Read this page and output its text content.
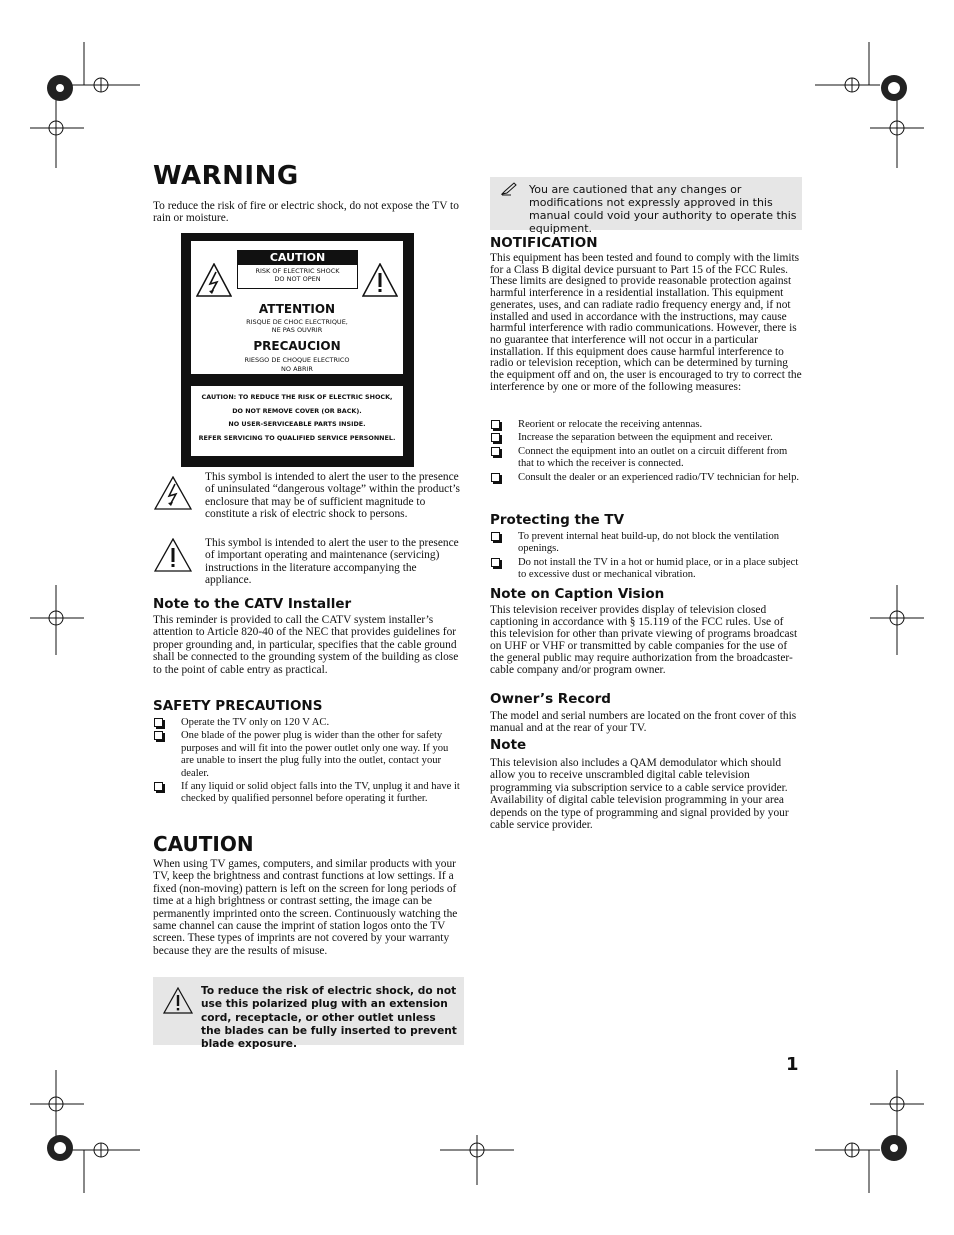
WARNING
To reduce the risk of fire or electric shock, do not expose the TV to rain or moisture.
CAUTION
RISK OF ELECTRIC SHOCK
DO NOT OPEN
ATTENTION
RISQUE DE CHOC ELECTRIQUE,
NE PAS OUVRIR
PRECAUCION
RIESGO DE CHOQUE ELECTRICO
NO ABRIR
CAUTION: TO REDUCE THE RISK OF ELECTRIC SHOCK,
DO NOT REMOVE COVER (OR BACK).
NO USER-SERVICEABLE PARTS INSIDE.
REFER SERVICING TO QUALIFIED SERVICE PERSONNEL.
This symbol is intended to alert the user to the presence of uninsulated “dangerous voltage” within the product’s enclosure that may be of sufficient magnitude to constitute a risk of electric shock to persons.
This symbol is intended to alert the user to the presence of important operating and maintenance (servicing) instructions in the literature accompanying the appliance.
Note to the CATV Installer
This reminder is provided to call the CATV system installer’s attention to Article 820-40 of the NEC that provides guidelines for proper grounding and, in particular, specifies that the cable ground shall be connected to the grounding system of the building as close to the point of cable entry as practical.
SAFETY PRECAUTIONS
Operate the TV only on 120 V AC.
One blade of the power plug is wider than the other for safety purposes and will fit into the power outlet only one way. If you are unable to insert the plug fully into the outlet, contact your dealer.
If any liquid or solid object falls into the TV, unplug it and have it checked by qualified personnel before operating it further.
CAUTION
When using TV games, computers, and similar products with your TV, keep the brightness and contrast functions at low settings. If a fixed (non-moving) pattern is left on the screen for long periods of time at a high brightness or contrast setting, the image can be permanently imprinted onto the screen. Continuously watching the same channel can cause the imprint of station logos onto the TV screen. These types of imprints are not covered by your warranty because they are the results of misuse.
To reduce the risk of electric shock, do not use this polarized plug with an extension cord, receptacle, or other outlet unless the blades can be fully inserted to prevent blade exposure.
You are cautioned that any changes or modifications not expressly approved in this manual could void your authority to operate this equipment.
NOTIFICATION
This equipment has been tested and found to comply with the limits for a Class B digital device pursuant to Part 15 of the FCC Rules. These limits are designed to provide reasonable protection against harmful interference in a residential installation. This equipment generates, uses, and can radiate radio frequency energy and, if not installed and used in accordance with the instructions, may cause harmful interference with radio communications. However, there is no guarantee that interference will not occur in a particular installation. If this equipment does cause harmful interference to radio or television reception, which can be determined by turning the equipment off and on, the user is encouraged to try to correct the interference by one or more of the following measures:
Reorient or relocate the receiving antennas.
Increase the separation between the equipment and receiver.
Connect the equipment into an outlet on a circuit different from that to which the receiver is connected.
Consult the dealer or an experienced radio/TV technician for help.
Protecting the TV
To prevent internal heat build-up, do not block the ventilation openings.
Do not install the TV in a hot or humid place, or in a place subject to excessive dust or mechanical vibration.
Note on Caption Vision
This television receiver provides display of television closed captioning in accordance with § 15.119 of the FCC rules. Use of this television for other than private viewing of programs broadcast on UHF or VHF or transmitted by cable companies for the use of the general public may require authorization from the broadcaster-cable company and/or program owner.
Owner’s Record
The model and serial numbers are located on the front cover of this manual and at the rear of your TV.
Note
This television also includes a QAM demodulator which should allow you to receive unscrambled digital cable television programming via subscription service to a cable service provider. Availability of digital cable television programming in your area depends on the type of programming and signal provided by your cable service provider.
1
